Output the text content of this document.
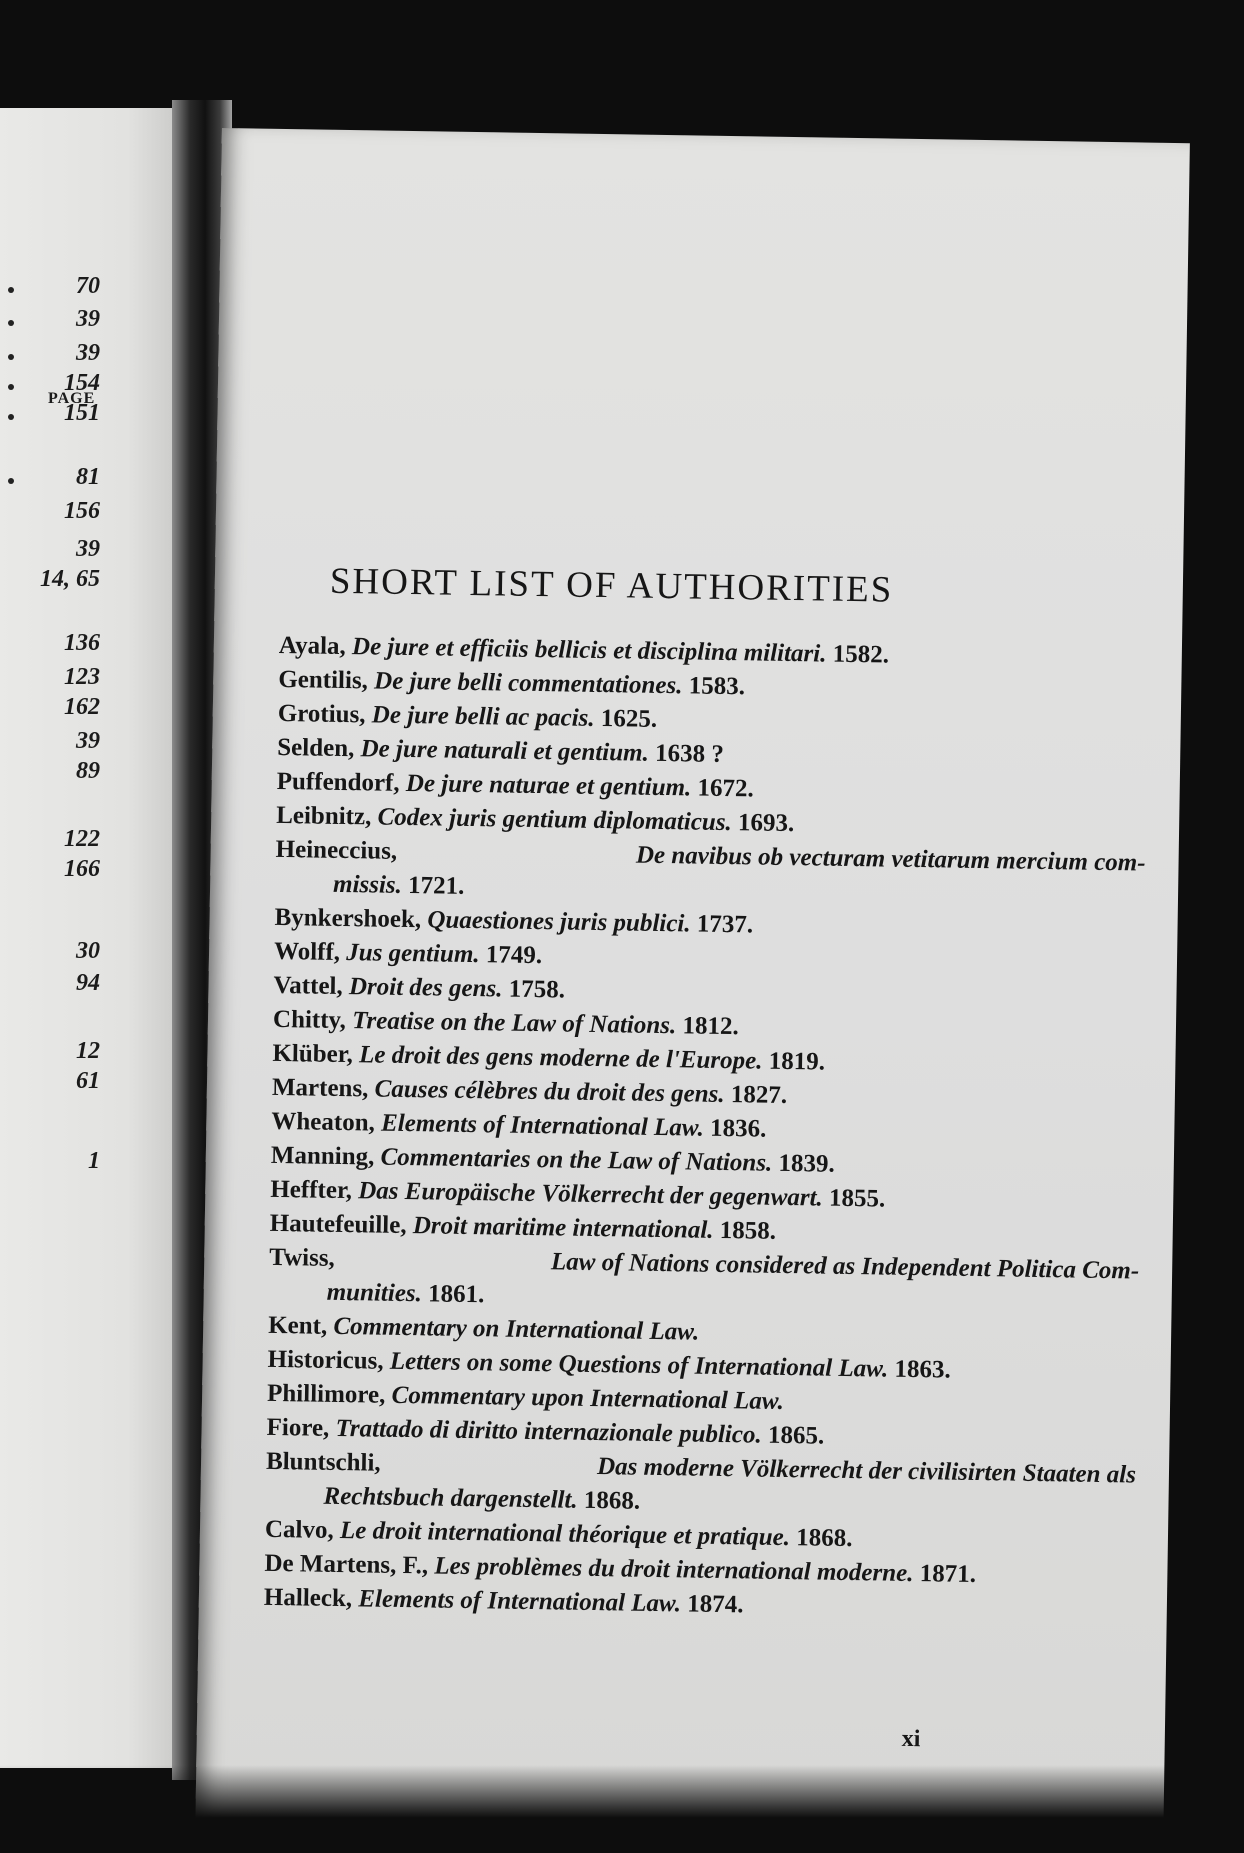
PAGE
70
39
39
154
151
81
156
39
14, 65
136
123
162
39
89
122
166
30
94
12
61
1
SHORT LIST OF AUTHORITIES

Ayala, De jure et efficiis bellicis et disciplina militari. 1582.

Gentilis, De jure belli commentationes. 1583.

Grotius, De jure belli ac pacis. 1625.

Selden, De jure naturali et gentium. 1638 ?

Puffendorf, De jure naturae et gentium. 1672.

Leibnitz, Codex juris gentium diplomaticus. 1693.

Heineccius,	De navibus ob vecturam vetitarum mercium com-
missis. 1721.

Bynkershoek, Quaestiones juris publici. 1737.

Wolff, Jus gentium. 1749.

Vattel, Droit des gens. 1758.

Chitty, Treatise on the Law of Nations. 1812.

Klüber, Le droit des gens moderne de l'Europe. 1819.

Martens, Causes célèbres du droit des gens. 1827.

Wheaton, Elements of International Law. 1836.

Manning, Commentaries on the Law of Nations. 1839.

Heffter, Das Europäische Völkerrecht der gegenwart. 1855.

Hautefeuille, Droit maritime international. 1858.

Twiss,	Law of Nations considered as Independent Politica Com-
munities. 1861.

Kent, Commentary on International Law.

Historicus, Letters on some Questions of International Law. 1863.

Phillimore, Commentary upon International Law.

Fiore, Trattado di diritto internazionale publico. 1865.

Bluntschli,	Das moderne Völkerrecht der civilisirten Staaten als
Rechtsbuch dargenstellt. 1868.

Calvo, Le droit international théorique et pratique. 1868.

De Martens, F., Les problèmes du droit international moderne. 1871.

Halleck, Elements of International Law. 1874.

xi
